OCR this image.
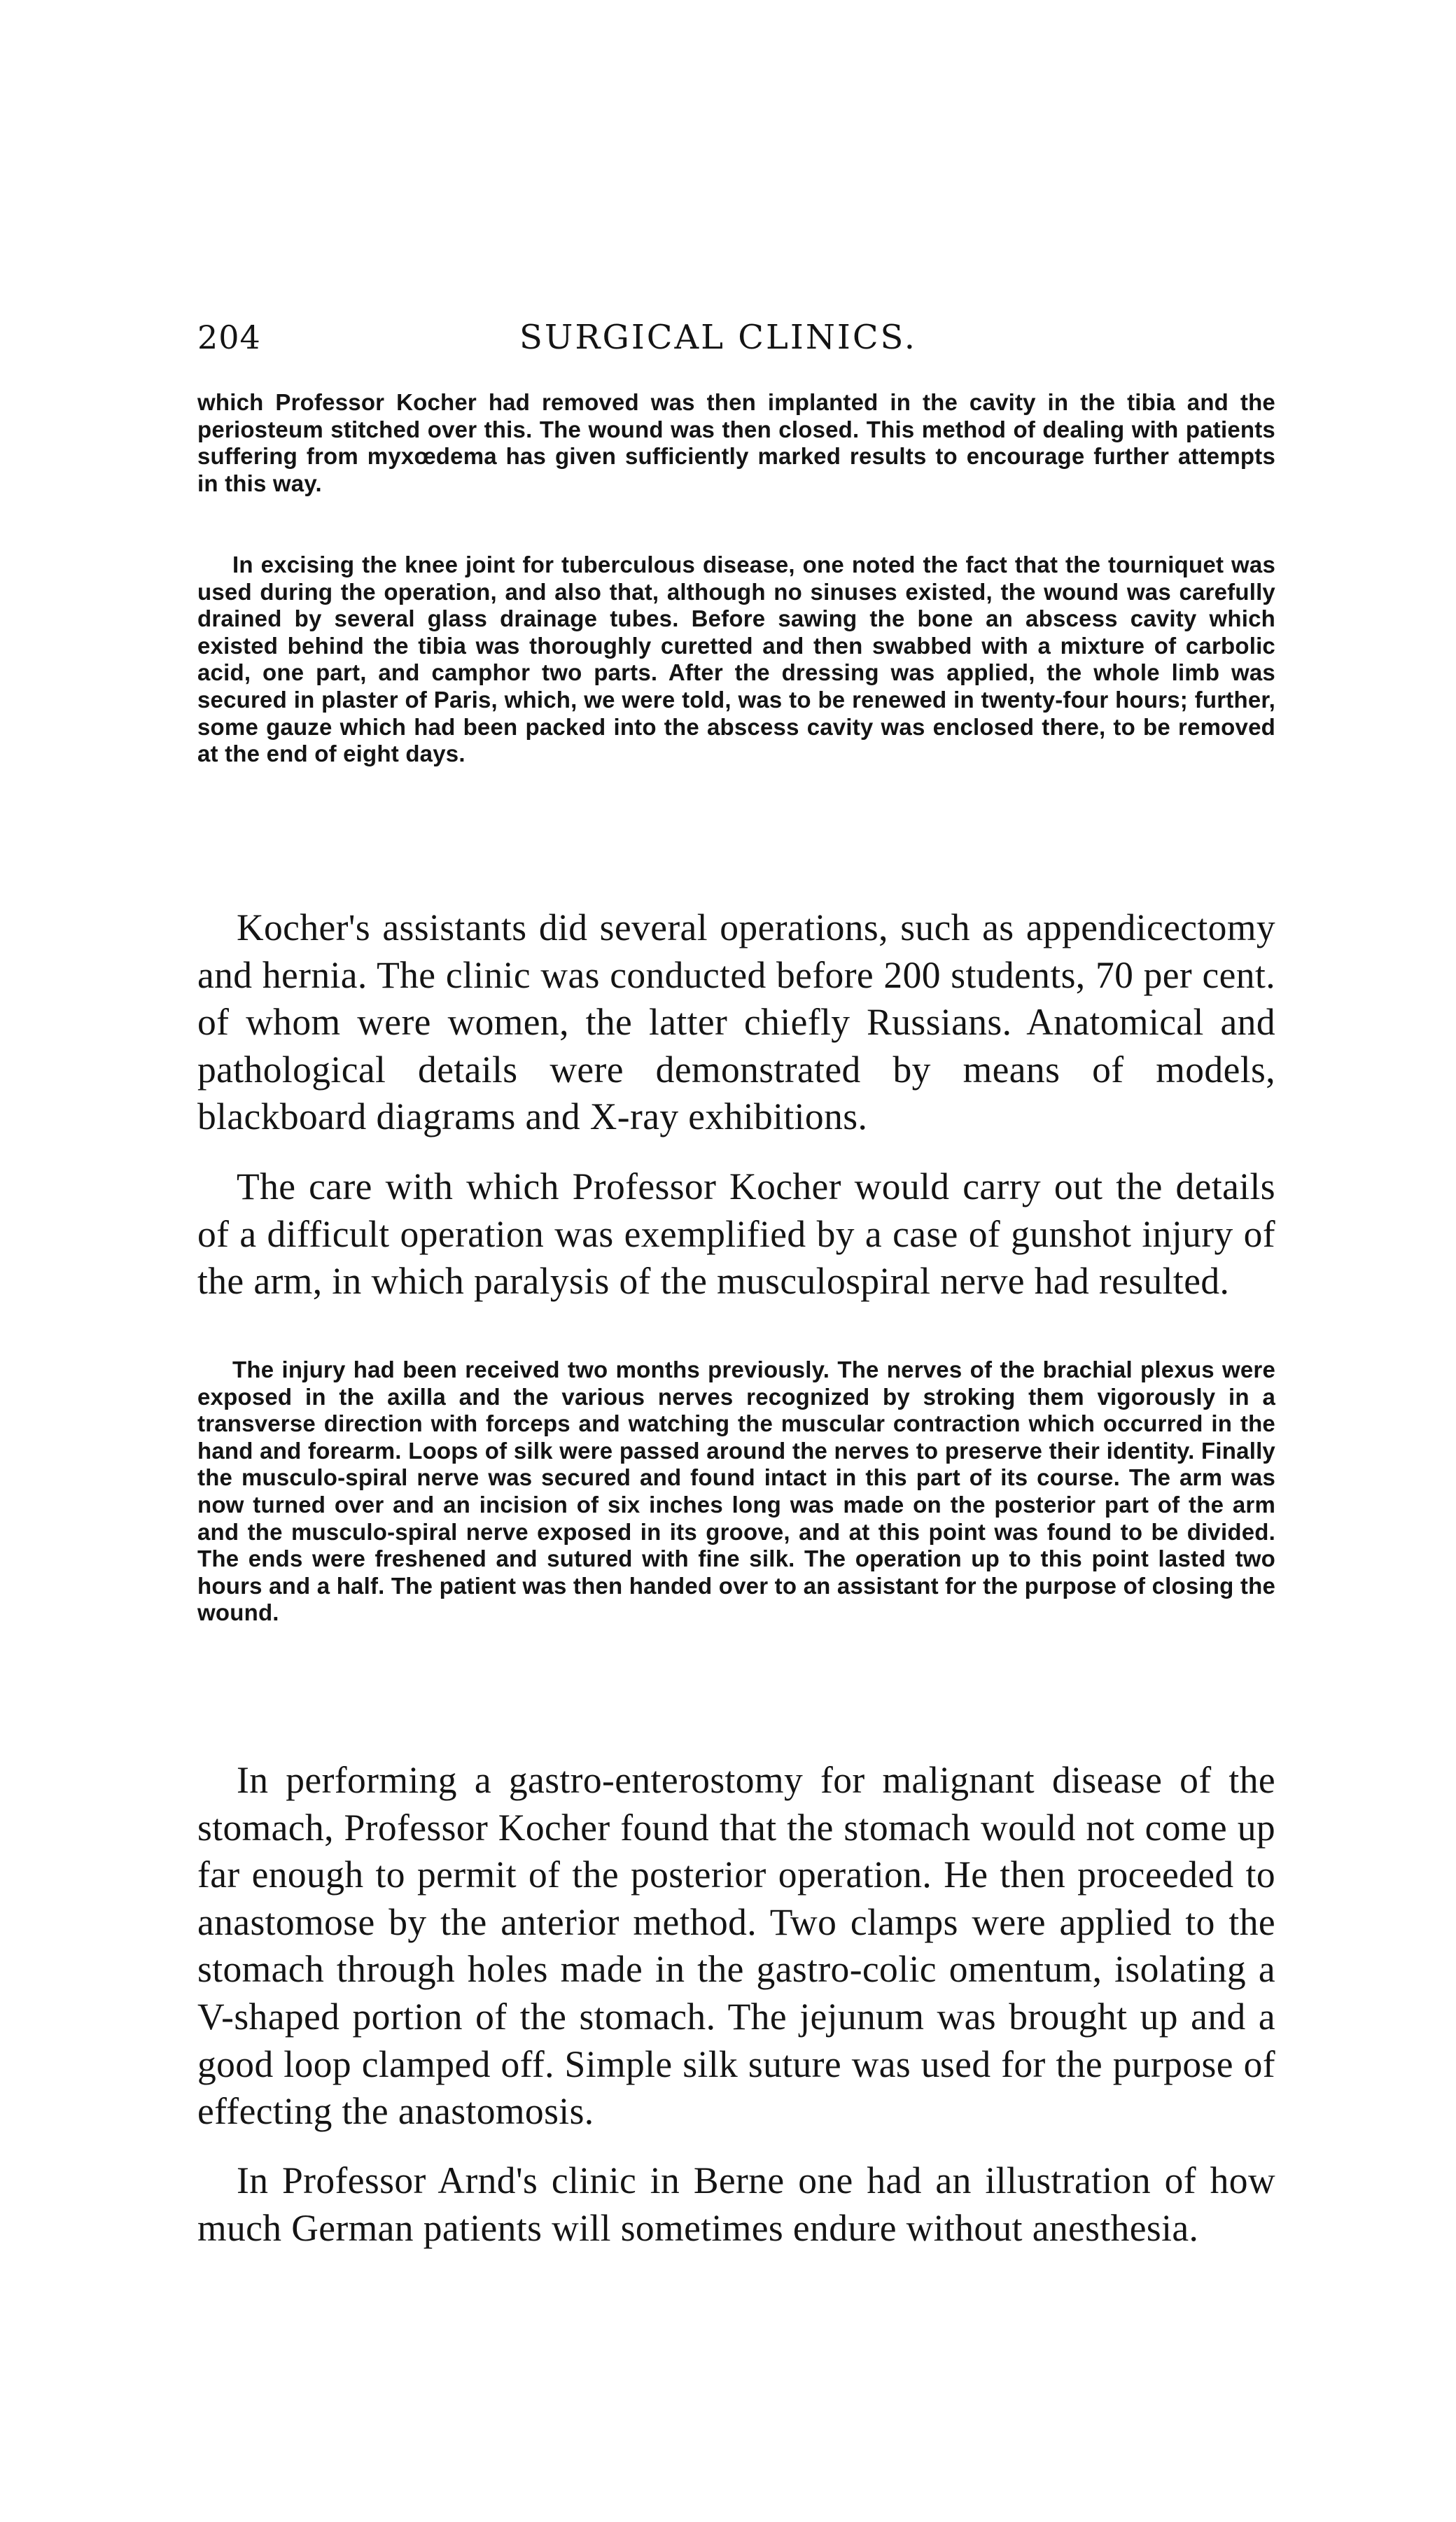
204	SURGICAL CLINICS.

which Professor Kocher had removed was then implanted in the cavity in the tibia and the periosteum stitched over this. The wound was then closed. This method of dealing with patients suffering from myxœdema has given sufficiently marked results to encourage further attempts in this way.

In excising the knee joint for tuberculous disease, one noted the fact that the tourniquet was used during the operation, and also that, although no sinuses existed, the wound was carefully drained by several glass drainage tubes. Before sawing the bone an abscess cavity which existed behind the tibia was thoroughly curetted and then swabbed with a mixture of carbolic acid, one part, and camphor two parts. After the dressing was applied, the whole limb was secured in plaster of Paris, which, we were told, was to be renewed in twenty-four hours; further, some gauze which had been packed into the abscess cavity was enclosed there, to be removed at the end of eight days.

Kocher's assistants did several operations, such as appendicectomy and hernia. The clinic was conducted before 200 students, 70 per cent. of whom were women, the latter chiefly Russians. Anatomical and pathological details were demonstrated by means of models, blackboard diagrams and X-ray exhibitions.

The care with which Professor Kocher would carry out the details of a difficult operation was exemplified by a case of gunshot injury of the arm, in which paralysis of the musculospiral nerve had resulted.

The injury had been received two months previously. The nerves of the brachial plexus were exposed in the axilla and the various nerves recognized by stroking them vigorously in a transverse direction with forceps and watching the muscular contraction which occurred in the hand and forearm. Loops of silk were passed around the nerves to preserve their identity. Finally the musculo-spiral nerve was secured and found intact in this part of its course. The arm was now turned over and an incision of six inches long was made on the posterior part of the arm and the musculo-spiral nerve exposed in its groove, and at this point was found to be divided. The ends were freshened and sutured with fine silk. The operation up to this point lasted two hours and a half. The patient was then handed over to an assistant for the purpose of closing the wound.

In performing a gastro-enterostomy for malignant disease of the stomach, Professor Kocher found that the stomach would not come up far enough to permit of the posterior operation. He then proceeded to anastomose by the anterior method. Two clamps were applied to the stomach through holes made in the gastro-colic omentum, isolating a V-shaped portion of the stomach. The jejunum was brought up and a good loop clamped off. Simple silk suture was used for the purpose of effecting the anastomosis.

In Professor Arnd's clinic in Berne one had an illustration of how much German patients will sometimes endure without anesthesia.
